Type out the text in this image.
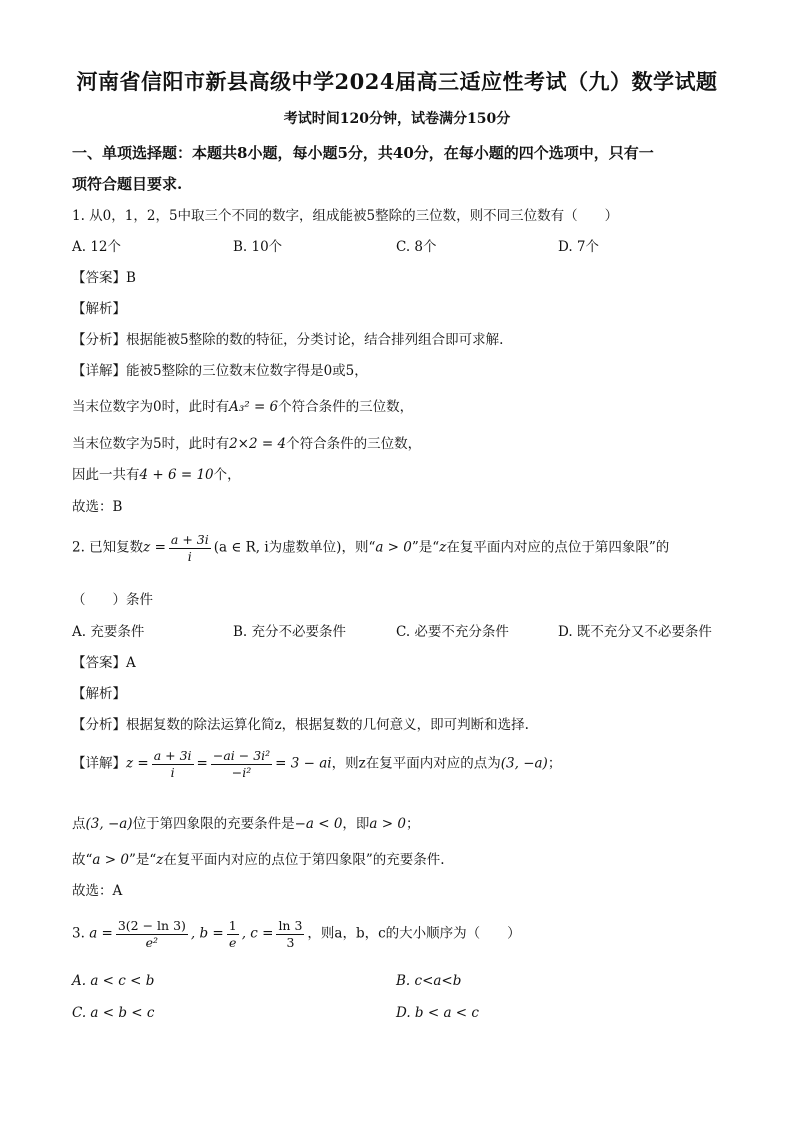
河南省信阳市新县高级中学2024届高三适应性考试（九）数学试题
考试时间120分钟，试卷满分150分
一、单项选择题：本题共8小题，每小题5分，共40分，在每小题的四个选项中，只有一
项符合题目要求.
1. 从0，1，2，5中取三个不同的数字，组成能被5整除的三位数，则不同三位数有（　　）
A. 12个	B. 10个	C. 8个	D. 7个
【答案】B
【解析】
【分析】根据能被5整除的数的特征，分类讨论，结合排列组合即可求解.
【详解】能被5整除的三位数末位数字得是0或5，
当末位数字为0时，此时有A₃² = 6个符合条件的三位数，
当末位数字为5时，此时有2×2 = 4个符合条件的三位数，
因此一共有4 + 6 = 10个，
故选：B
2. 已知复数$z = \frac{a + 3i}{i} (a$ ∈ R, i为虚数单位)，则“a > 0”是“z在复平面内对应的点位于第四象限”的
（　　）条件
A. 充要条件	B. 充分不必要条件	C. 必要不充分条件	D. 既不充分又不必要条件
【答案】A
【解析】
【分析】根据复数的除法运算化简z，根据复数的几何意义，即可判断和选择.
【详解】$z = \frac{a + 3i}{i} = \frac{\text{−ai − 3i²}}{\text{−i²}} = 3$ − ai，则z在复平面内对应的点为(3, −a)；
点(3, −a)位于第四象限的充要条件是−a < 0，即a > 0；
故“a > 0”是“z在复平面内对应的点位于第四象限”的充要条件.
故选：A
3. $a = \frac{3(2 - \ln 3)}{\text{e²}}$ , $b = \frac{1}{e}$ , $c = \frac{\ln 3}{3}$ ，则a，b，c的大小顺序为（　　）
A. a < c < b	B. c<a<b
C. a < b < c	D. b < a < c
